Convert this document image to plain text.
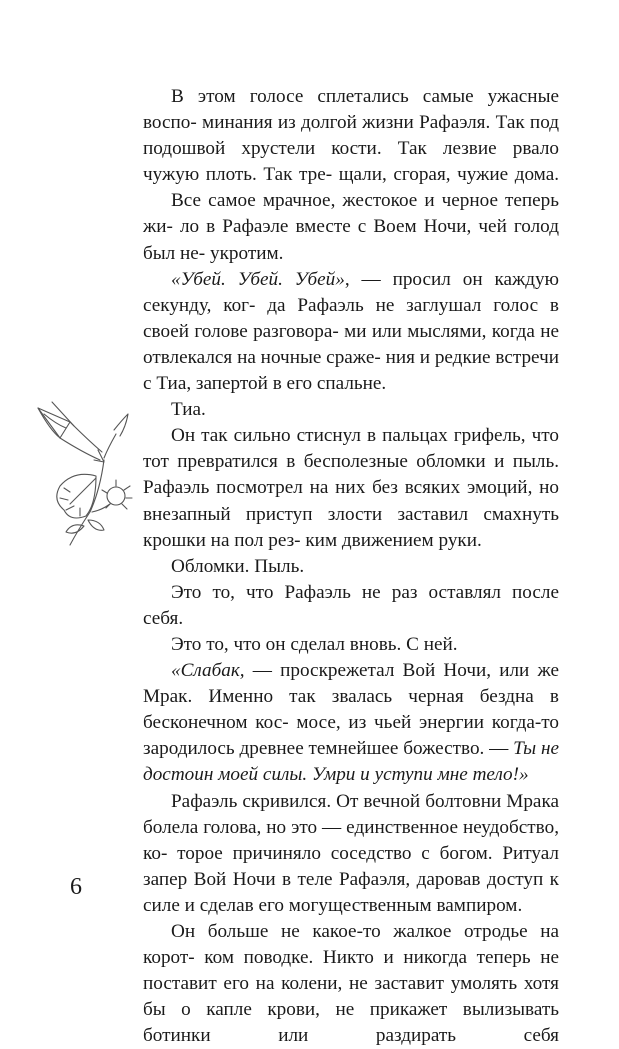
В этом голосе сплетались самые ужасные воспо- минания из долгой жизни Рафаэля. Так под подошвой хрустели кости. Так лезвие рвало чужую плоть. Так тре- щали, сгорая, чужие дома.

Все самое мрачное, жестокое и черное теперь жи- ло в Рафаэле вместе с Воем Ночи, чей голод был не- укротим.

«Убей. Убей. Убей», — просил он каждую секунду, ког- да Рафаэль не заглушал голос в своей голове разговора- ми или мыслями, когда не отвлекался на ночные сраже- ния и редкие встречи с Тиа, запертой в его спальне.

Тиа.

Он так сильно стиснул в пальцах грифель, что тот превратился в бесполезные обломки и пыль. Рафаэль посмотрел на них без всяких эмоций, но внезапный приступ злости заставил смахнуть крошки на пол рез- ким движением руки.

Обломки. Пыль.

Это то, что Рафаэль не раз оставлял после себя.

Это то, что он сделал вновь. С ней.

«Слабак, — проскрежетал Вой Ночи, или же Мрак. Именно так звалась черная бездна в бесконечном кос- мосе, из чьей энергии когда-то зародилось древнее темнейшее божество. — Ты не достоин моей силы. Умри и уступи мне тело!»

Рафаэль скривился. От вечной болтовни Мрака болела голова, но это — единственное неудобство, ко- торое причиняло соседство с богом. Ритуал запер Вой Ночи в теле Рафаэля, даровав доступ к силе и сделав его могущественным вампиром.

Он больше не какое-то жалкое отродье на корот- ком поводке. Никто и никогда теперь не поставит его на колени, не заставит умолять хотя бы о капле крови, не прикажет вылизывать ботинки или раздирать себя

6
